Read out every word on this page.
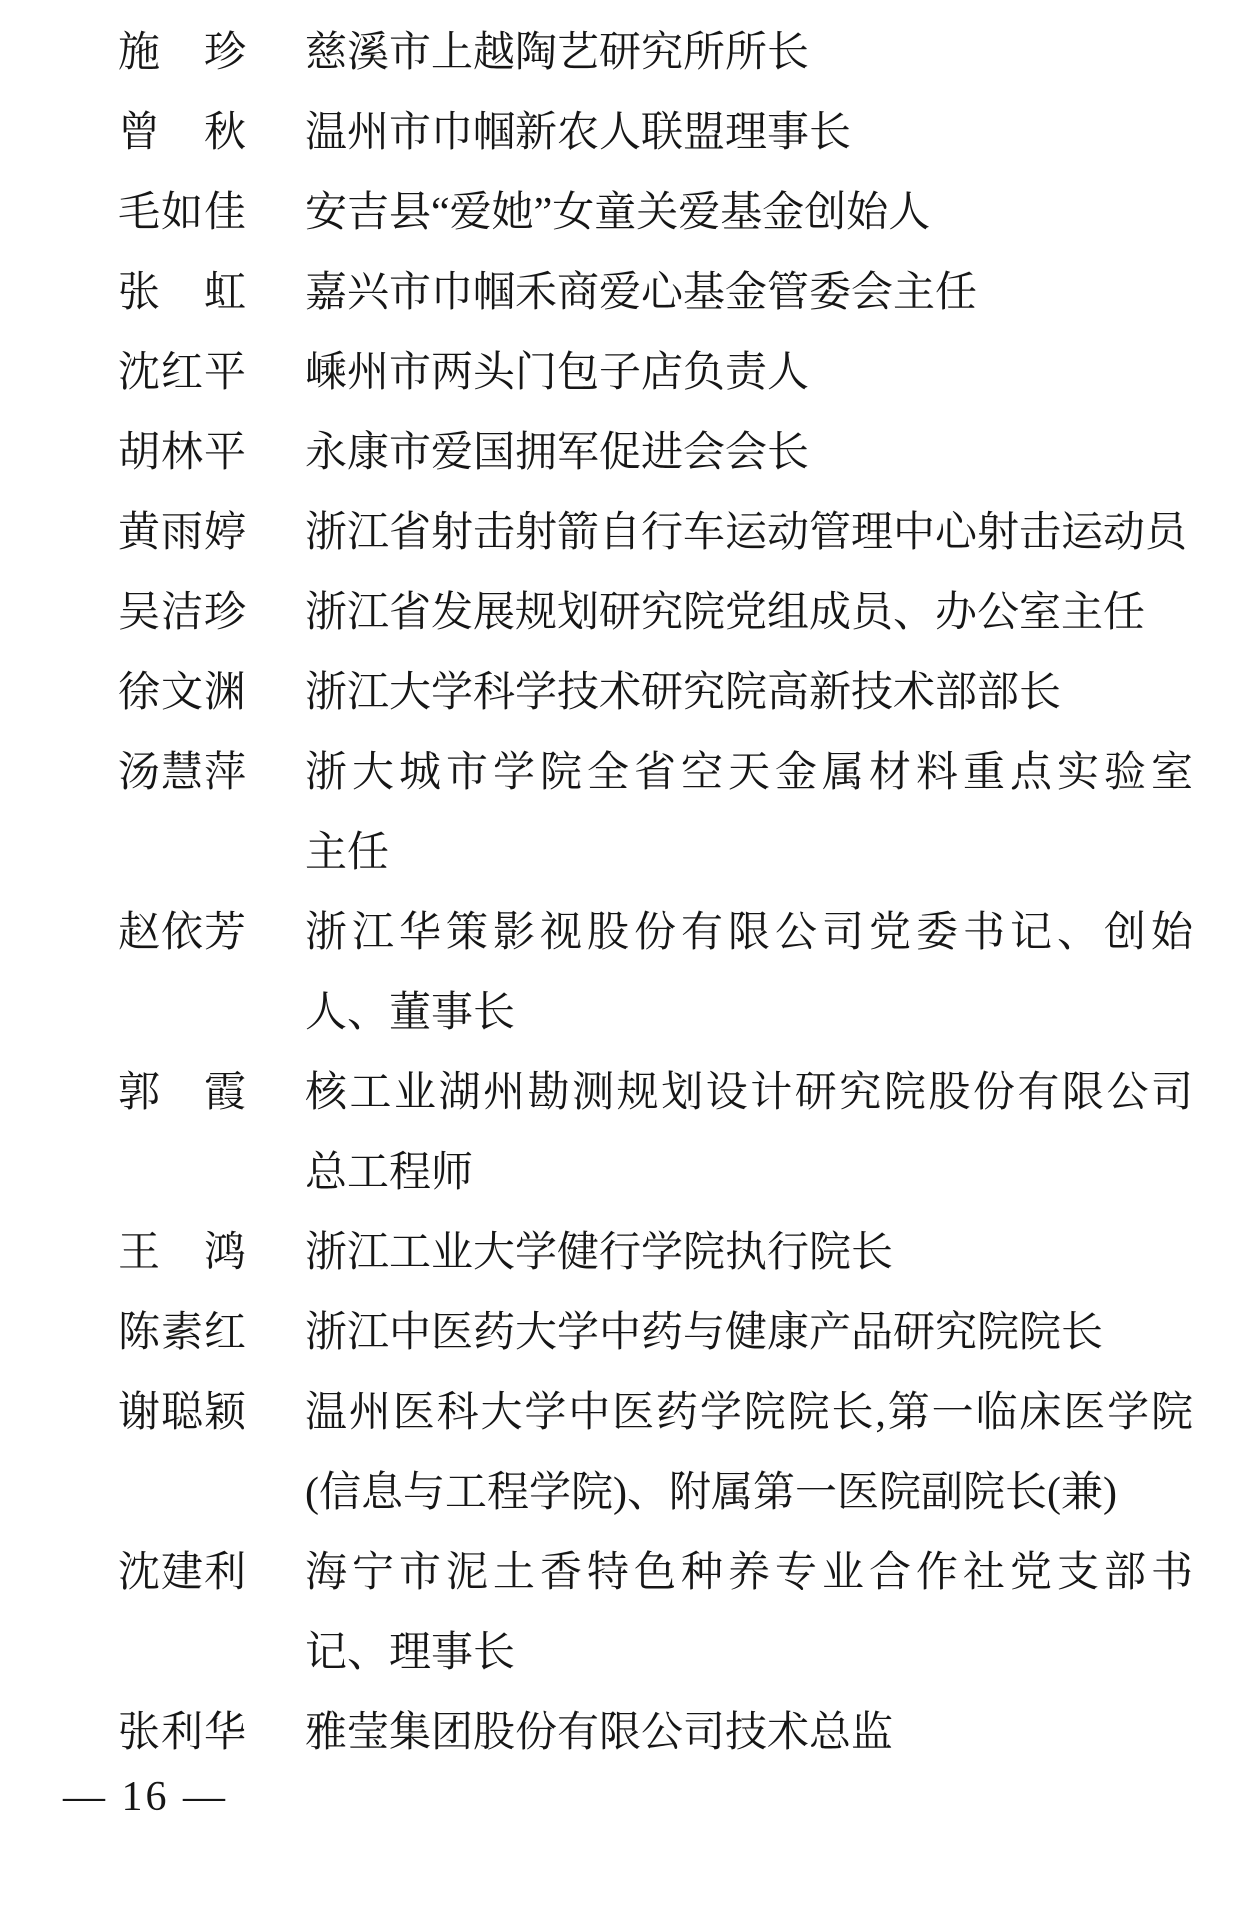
施珍 慈溪市上越陶艺研究所所长
曾秋 温州市巾帼新农人联盟理事长
毛如佳 安吉县“爱她”女童关爱基金创始人
张虹 嘉兴市巾帼禾商爱心基金管委会主任
沈红平 嵊州市两头门包子店负责人
胡林平 永康市爱国拥军促进会会长
黄雨婷 浙江省射击射箭自行车运动管理中心射击运动员
吴洁珍 浙江省发展规划研究院党组成员、办公室主任
徐文渊 浙江大学科学技术研究院高新技术部部长
汤慧萍 浙大城市学院全省空天金属材料重点实验室
主任
赵依芳 浙江华策影视股份有限公司党委书记、创始
人、董事长
郭霞 核工业湖州勘测规划设计研究院股份有限公司
总工程师
王鸿 浙江工业大学健行学院执行院长
陈素红 浙江中医药大学中药与健康产品研究院院长
谢聪颖 温州医科大学中医药学院院长,第一临床医学院
(信息与工程学院)、附属第一医院副院长(兼)
沈建利 海宁市泥土香特色种养专业合作社党支部书
记、理事长
张利华 雅莹集团股份有限公司技术总监
— 16 —
